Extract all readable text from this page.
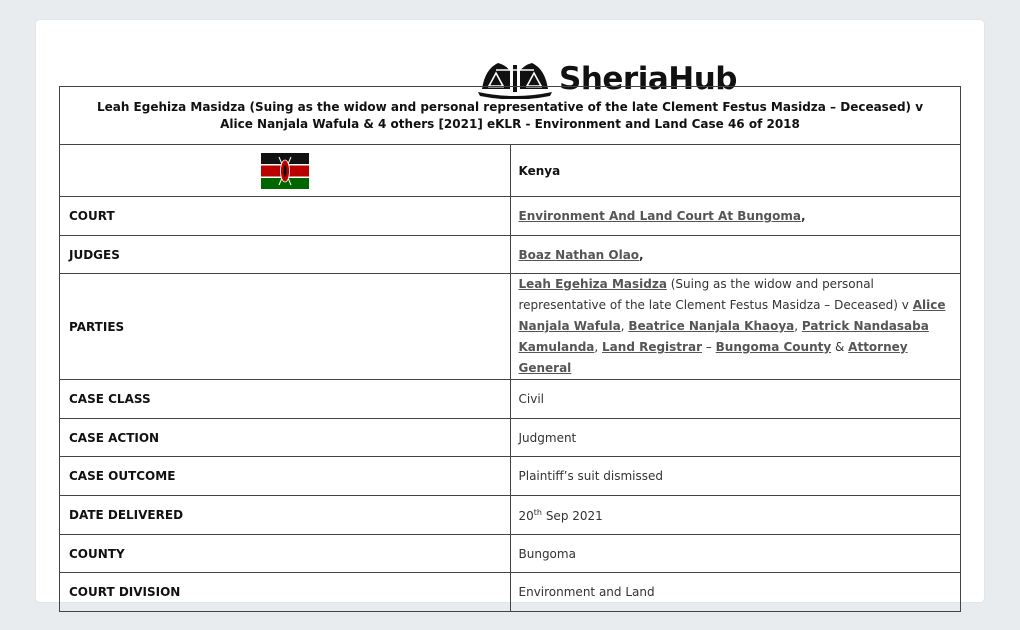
SheriaHub
Leah Egehiza Masidza (Suing as the widow and personal representative of the late Clement Festus Masidza – Deceased) v Alice Nanjala Wafula & 4 others [2021] eKLR - Environment and Land Case 46 of 2018	
	Kenya
COURT	Environment And Land Court At Bungoma,
JUDGES	Boaz Nathan Olao,
PARTIES	Leah Egehiza Masidza (Suing as the widow and personal representative of the late Clement Festus Masidza – Deceased) v Alice Nanjala Wafula, Beatrice Nanjala Khaoya, Patrick Nandasaba Kamulanda, Land Registrar – Bungoma County & Attorney General
CASE CLASS	Civil
CASE ACTION	Judgment
CASE OUTCOME	Plaintiff’s suit dismissed
DATE DELIVERED	20th Sep 2021
COUNTY	Bungoma
COURT DIVISION	Environment and Land
